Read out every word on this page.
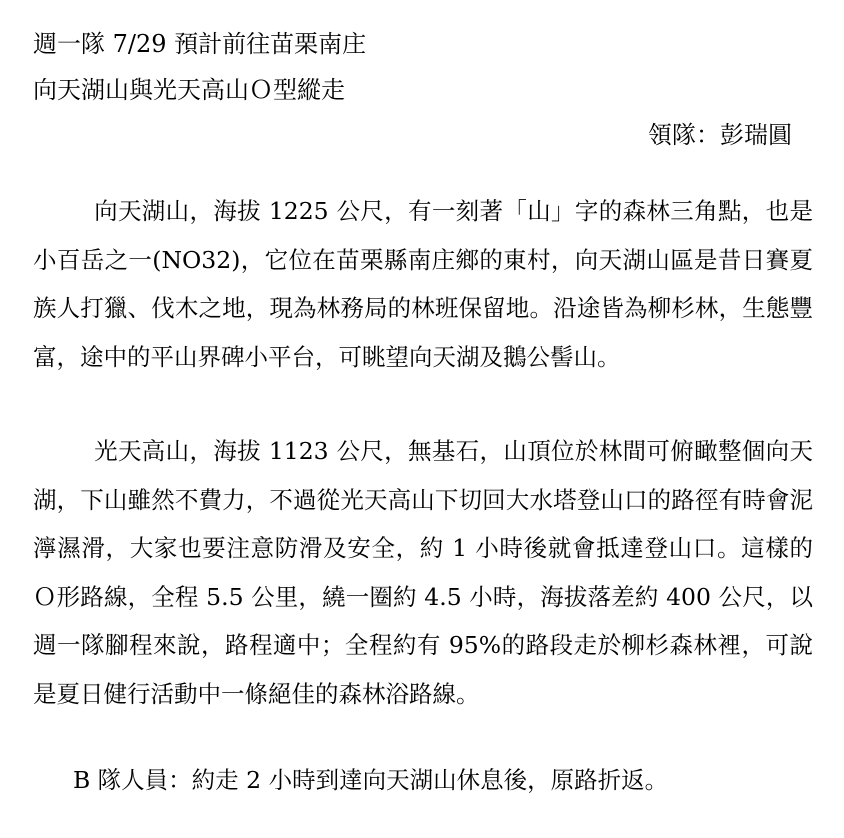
週一隊 7/29 預計前往苗栗南庄
向天湖山與光天高山Ｏ型縱走
領隊：彭瑞圓

向天湖山，海拔 1225 公尺，有一刻著「山」字的森林三角點，也是小百岳之一(NO32)，它位在苗栗縣南庄鄉的東村，向天湖山區是昔日賽夏族人打獵、伐木之地，現為林務局的林班保留地。沿途皆為柳杉林，生態豐富，途中的平山界碑小平台，可眺望向天湖及鵝公髻山。

光天高山，海拔 1123 公尺，無基石，山頂位於林間可俯瞰整個向天湖，下山雖然不費力，不過從光天高山下切回大水塔登山口的路徑有時會泥濘濕滑，大家也要注意防滑及安全，約 1 小時後就會抵達登山口。這樣的Ｏ形路線，全程 5.5 公里，繞一圈約 4.5 小時，海拔落差約 400 公尺，以週一隊腳程來說，路程適中；全程約有 95%的路段走於柳杉森林裡，可說是夏日健行活動中一條絕佳的森林浴路線。

B 隊人員：約走 2 小時到達向天湖山休息後，原路折返。
